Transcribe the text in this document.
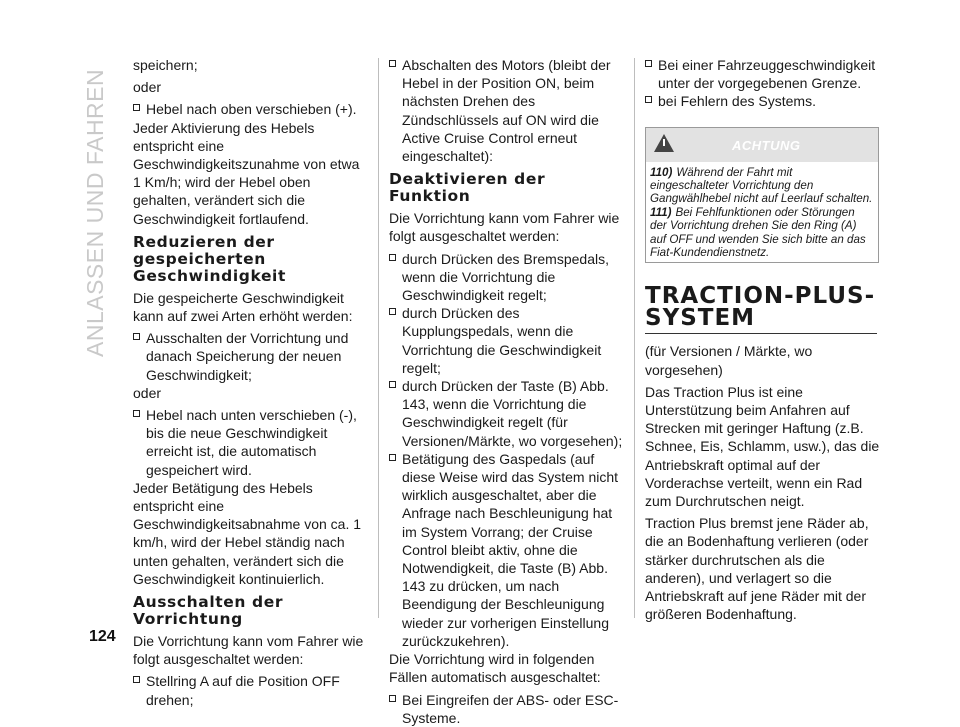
ANLASSEN UND FAHREN

speichern;

oder

Hebel nach oben verschieben (+).

Jeder Aktivierung des Hebels entspricht eine Geschwindigkeitszunahme von etwa 1 Km/h; wird der Hebel oben gehalten, verändert sich die Geschwindigkeit fortlaufend.

Reduzieren der gespeicherten Geschwindigkeit

Die gespeicherte Geschwindigkeit kann auf zwei Arten erhöht werden:

Ausschalten der Vorrichtung und danach Speicherung der neuen Geschwindigkeit;

oder

Hebel nach unten verschieben (-), bis die neue Geschwindigkeit erreicht ist, die automatisch gespeichert wird.

Jeder Betätigung des Hebels entspricht eine Geschwindigkeitsabnahme von ca. 1 km/h, wird der Hebel ständig nach unten gehalten, verändert sich die Geschwindigkeit kontinuierlich.

Ausschalten der Vorrichtung

Die Vorrichtung kann vom Fahrer wie folgt ausgeschaltet werden:

Stellring A auf die Position OFF drehen;

Abschalten des Motors (bleibt der Hebel in der Position ON, beim nächsten Drehen des Zündschlüssels auf ON wird die Active Cruise Control erneut eingeschaltet):

Deaktivieren der Funktion

Die Vorrichtung kann vom Fahrer wie folgt ausgeschaltet werden:

durch Drücken des Bremspedals, wenn die Vorrichtung die Geschwindigkeit regelt;

durch Drücken des Kupplungspedals, wenn die Vorrichtung die Geschwindigkeit regelt;

durch Drücken der Taste (B) Abb. 143, wenn die Vorrichtung die Geschwindigkeit regelt (für Versionen/Märkte, wo vorgesehen);

Betätigung des Gaspedals (auf diese Weise wird das System nicht wirklich ausgeschaltet, aber die Anfrage nach Beschleunigung hat im System Vorrang; der Cruise Control bleibt aktiv, ohne die Notwendigkeit, die Taste (B) Abb. 143 zu drücken, um nach Beendigung der Beschleunigung wieder zur vorherigen Einstellung zurückzukehren).

Die Vorrichtung wird in folgenden Fällen automatisch ausgeschaltet:

Bei Eingreifen der ABS- oder ESC-Systeme.

Bei einer Fahrzeuggeschwindigkeit unter der vorgegebenen Grenze.

bei Fehlern des Systems.

ACHTUNG
110) Während der Fahrt mit eingeschalteter Vorrichtung den Gangwählhebel nicht auf Leerlauf schalten.
111) Bei Fehlfunktionen oder Störungen der Vorrichtung drehen Sie den Ring (A) auf OFF und wenden Sie sich bitte an das Fiat-Kundendienstnetz.
TRACTION-PLUS-SYSTEM

(für Versionen / Märkte, wo vorgesehen)

Das Traction Plus ist eine Unterstützung beim Anfahren auf Strecken mit geringer Haftung (z.B. Schnee, Eis, Schlamm, usw.), das die Antriebskraft optimal auf der Vorderachse verteilt, wenn ein Rad zum Durchrutschen neigt.

Traction Plus bremst jene Räder ab, die an Bodenhaftung verlieren (oder stärker durchrutschen als die anderen), und verlagert so die Antriebskraft auf jene Räder mit der größeren Bodenhaftung.

124
